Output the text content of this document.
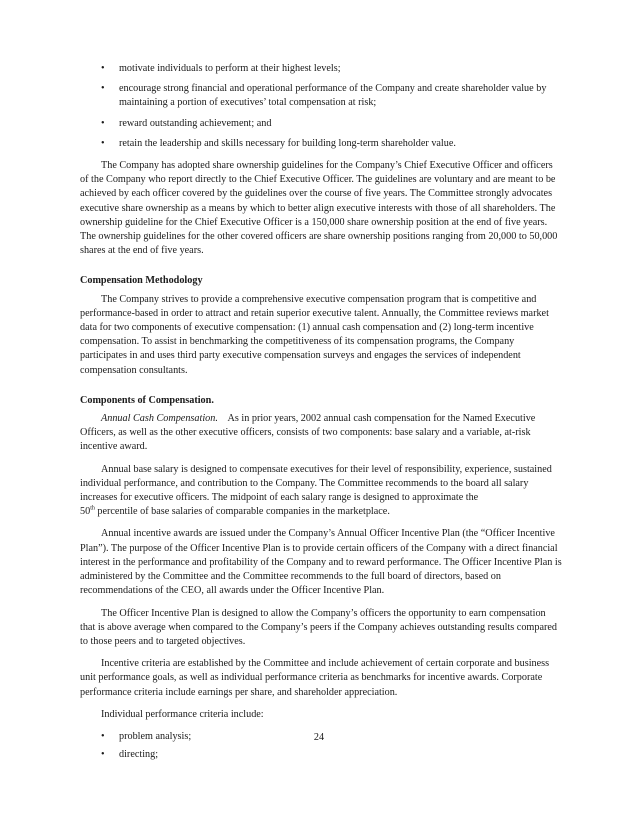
• motivate individuals to perform at their highest levels;
• encourage strong financial and operational performance of the Company and create shareholder value by maintaining a portion of executives’ total compensation at risk;
• reward outstanding achievement; and
• retain the leadership and skills necessary for building long-term shareholder value.

The Company has adopted share ownership guidelines for the Company’s Chief Executive Officer and officers of the Company who report directly to the Chief Executive Officer. The guidelines are voluntary and are meant to be achieved by each officer covered by the guidelines over the course of five years. The Committee strongly advocates executive share ownership as a means by which to better align executive interests with those of all shareholders. The ownership guideline for the Chief Executive Officer is a 150,000 share ownership position at the end of five years. The ownership guidelines for the other covered officers are share ownership positions ranging from 20,000 to 50,000 shares at the end of five years.

Compensation Methodology

The Company strives to provide a comprehensive executive compensation program that is competitive and performance-based in order to attract and retain superior executive talent. Annually, the Committee reviews market data for two components of executive compensation: (1) annual cash compensation and (2) long-term incentive compensation. To assist in benchmarking the competitiveness of its compensation programs, the Company participates in and uses third party executive compensation surveys and engages the services of independent compensation consultants.

Components of Compensation.

Annual Cash Compensation. As in prior years, 2002 annual cash compensation for the Named Executive Officers, as well as the other executive officers, consists of two components: base salary and a variable, at-risk incentive award.

Annual base salary is designed to compensate executives for their level of responsibility, experience, sustained individual performance, and contribution to the Company. The Committee recommends to the board all salary increases for executive officers. The midpoint of each salary range is designed to approximate the
50th percentile of base salaries of comparable companies in the marketplace.

Annual incentive awards are issued under the Company’s Annual Officer Incentive Plan (the “Officer Incentive Plan”). The purpose of the Officer Incentive Plan is to provide certain officers of the Company with a direct financial interest in the performance and profitability of the Company and to reward performance. The Officer Incentive Plan is administered by the Committee and the Committee recommends to the full board of directors, based on recommendations of the CEO, all awards under the Officer Incentive Plan.

The Officer Incentive Plan is designed to allow the Company’s officers the opportunity to earn compensation that is above average when compared to the Company’s peers if the Company achieves outstanding results compared to those peers and to targeted objectives.

Incentive criteria are established by the Committee and include achievement of certain corporate and business unit performance goals, as well as individual performance criteria as benchmarks for incentive awards. Corporate performance criteria include earnings per share, and shareholder appreciation.

Individual performance criteria include:

• problem analysis;
• directing;
24
